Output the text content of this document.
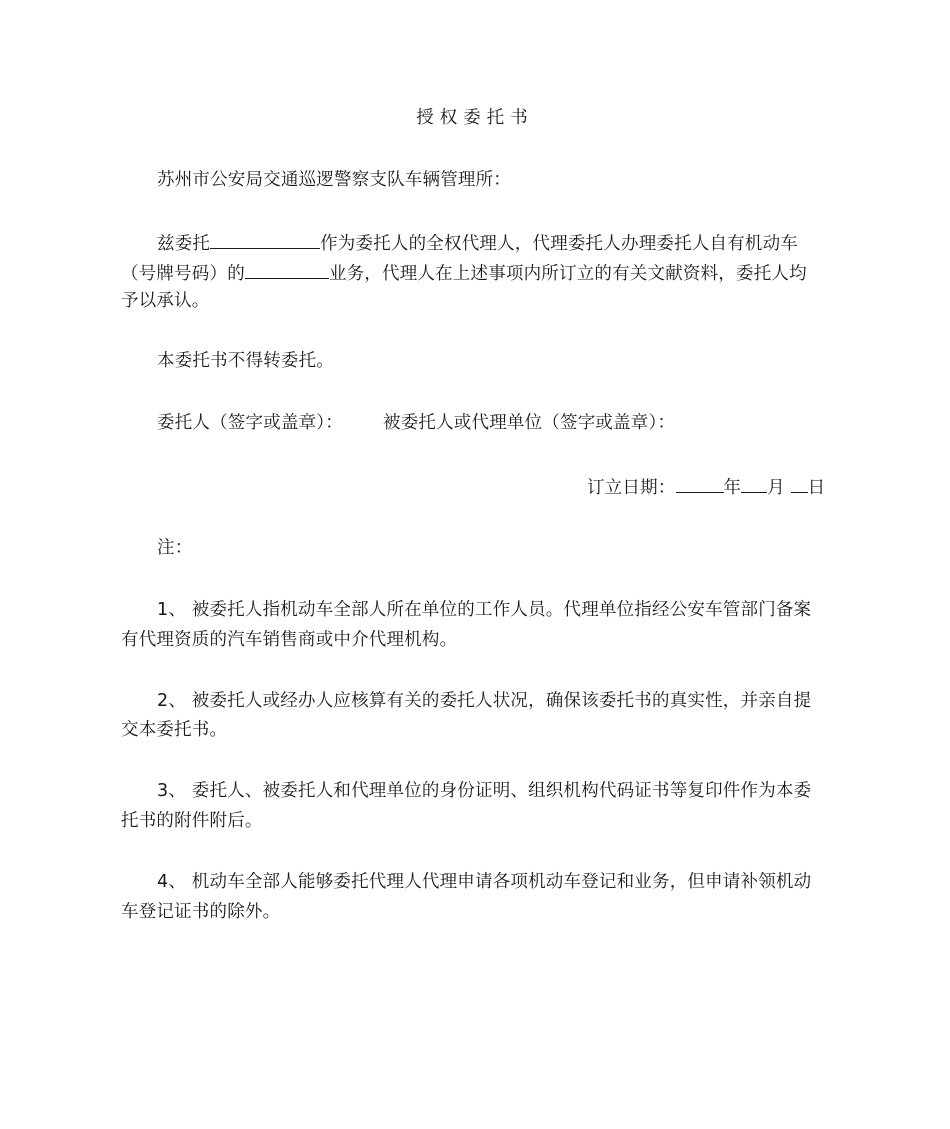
授权委托书
苏州市公安局交通巡逻警察支队车辆管理所：
兹委托	作为委托人的全权代理人，代理委托人办理委托人自有机动车
（号牌号码）的	业务，代理人在上述事项内所订立的有关文献资料，委托人均
予以承认。
本委托书不得转委托。
委托人（签字或盖章）： 被委托人或代理单位（签字或盖章）：
订立日期：	年 月 日
注：
1、 被委托人指机动车全部人所在单位的工作人员。代理单位指经公安车管部门备案
有代理资质的汽车销售商或中介代理机构。
2、 被委托人或经办人应核算有关的委托人状况，确保该委托书的真实性，并亲自提
交本委托书。
3、 委托人、被委托人和代理单位的身份证明、组织机构代码证书等复印件作为本委
托书的附件附后。
4、 机动车全部人能够委托代理人代理申请各项机动车登记和业务，但申请补领机动
车登记证书的除外。
